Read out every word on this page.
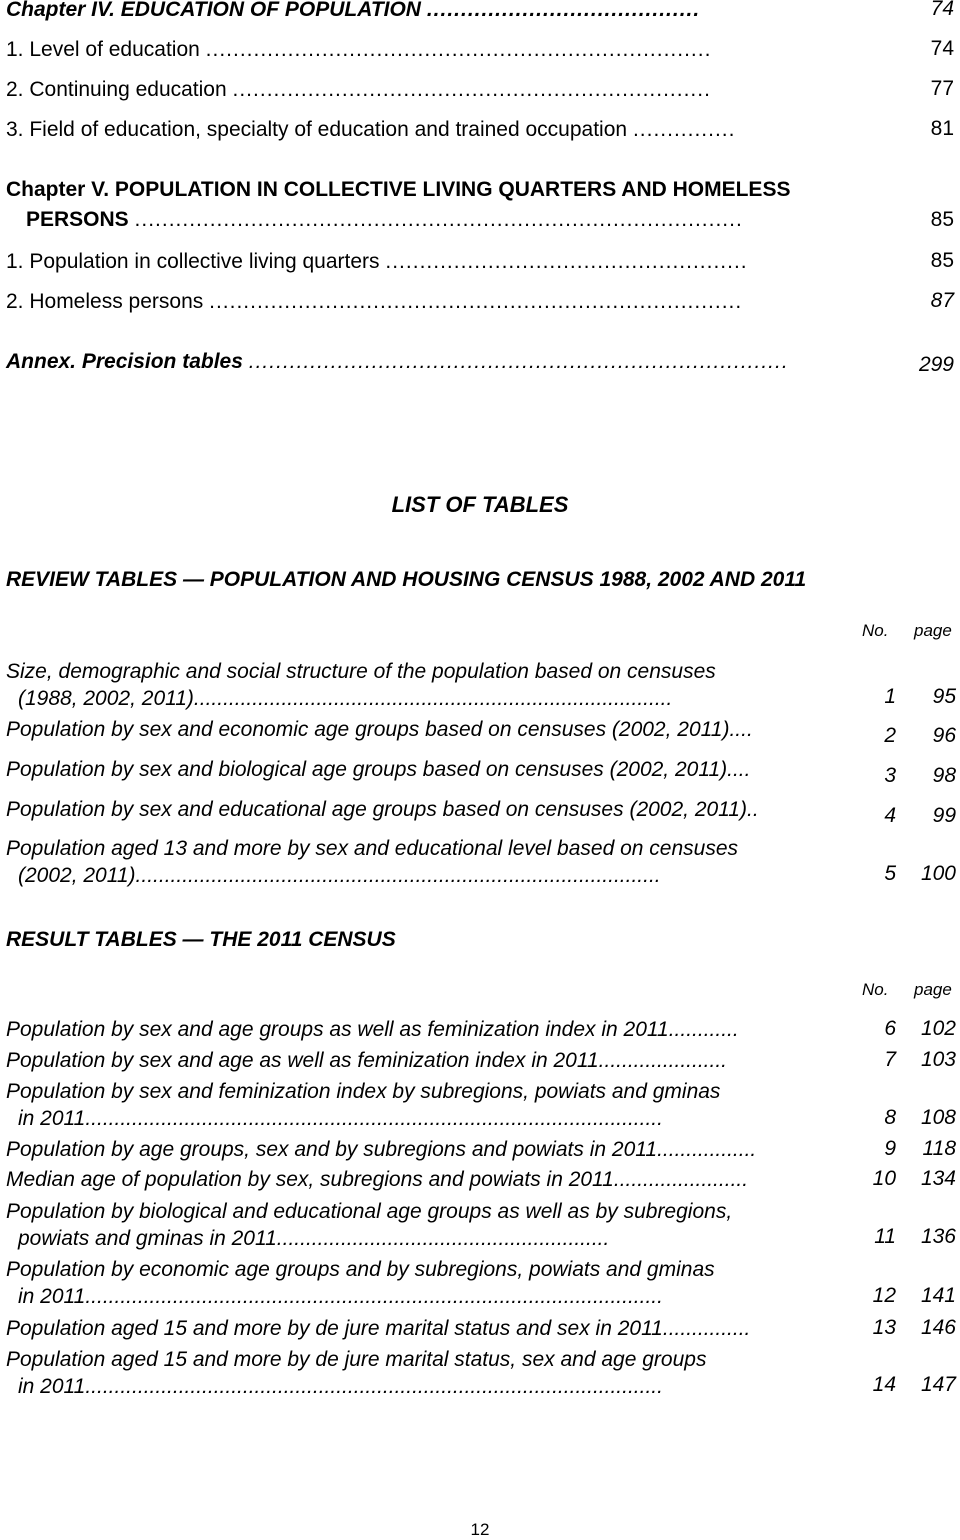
Chapter IV. EDUCATION OF POPULATION ........................................	74
1. Level of education ..........................................................................	74
2. Continuing education ......................................................................	77
3. Field of education, specialty of education and trained occupation ...............	81
Chapter V. POPULATION IN COLLECTIVE LIVING QUARTERS AND HOMELESS
PERSONS .........................................................................................	85
1. Population in collective living quarters .....................................................	85
2. Homeless persons ..............................................................................	87
Annex. Precision tables ...............................................................................	299
LIST OF TABLES
REVIEW TABLES — POPULATION AND HOUSING CENSUS 1988, 2002 AND 2011
No. page
Size, demographic and social structure of the population based on censuses
(1988, 2002, 2011)..................................................................................	1	95
Population by sex and economic age groups based on censuses (2002, 2011)....	2	96
Population by sex and biological age groups based on censuses (2002, 2011)....	3	98
Population by sex and educational age groups based on censuses (2002, 2011)..	4	99
Population aged 13 and more by sex and educational level based on censuses
(2002, 2011)..........................................................................................	5	100
RESULT TABLES — THE 2011 CENSUS
No. page
Population by sex and age groups as well as feminization index in 2011............	6	102
Population by sex and age as well as feminization index in 2011......................	7	103
Population by sex and feminization index by subregions, powiats and gminas
in 2011...................................................................................................	8	108
Population by age groups, sex and by subregions and powiats in 2011.................	9	118
Median age of population by sex, subregions and powiats in 2011.......................	10	134
Population by biological and educational age groups as well as by subregions,
powiats and gminas in 2011.........................................................	11	136
Population by economic age groups and by subregions, powiats and gminas
in 2011...................................................................................................	12	141
Population aged 15 and more by de jure marital status and sex in 2011...............	13	146
Population aged 15 and more by de jure marital status, sex and age groups
in 2011...................................................................................................	14	147
12
